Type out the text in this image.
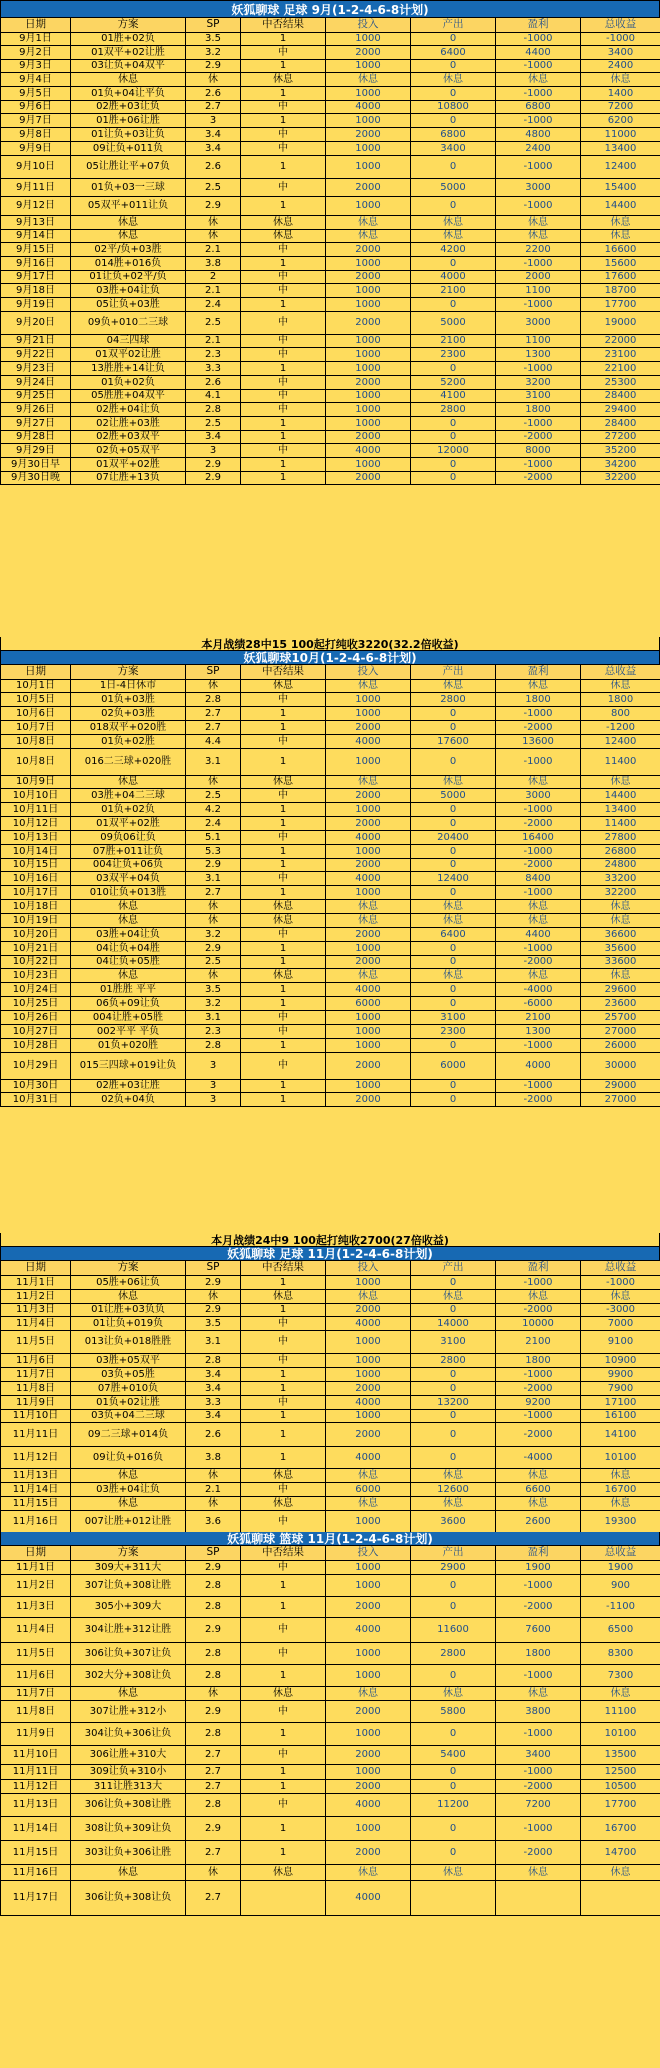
妖狐聊球 足球 9月(1-2-4-6-8计划)
日期	方案	SP	中否结果	投入	产出	盈利	总收益
9月1日	01胜+02负	3.5	1	1000	0	-1000	-1000
9月2日	01双平+02让胜	3.2	中	2000	6400	4400	3400
9月3日	03让负+04双平	2.9	1	1000	0	-1000	2400
9月4日	休息	休	休息	休息	休息	休息	休息
9月5日	01负+04让平负	2.6	1	1000	0	-1000	1400
9月6日	02胜+03让负	2.7	中	4000	10800	6800	7200
9月7日	01胜+06让胜	3	1	1000	0	-1000	6200
9月8日	01让负+03让负	3.4	中	2000	6800	4800	11000
9月9日	09让负+011负	3.4	中	1000	3400	2400	13400
9月10日	05让胜让平+07负	2.6	1	1000	0	-1000	12400
9月11日	01负+03一三球	2.5	中	2000	5000	3000	15400
9月12日	05双平+011让负	2.9	1	1000	0	-1000	14400
9月13日	休息	休	休息	休息	休息	休息	休息
9月14日	休息	休	休息	休息	休息	休息	休息
9月15日	02平/负+03胜	2.1	中	2000	4200	2200	16600
9月16日	014胜+016负	3.8	1	1000	0	-1000	15600
9月17日	01让负+02平/负	2	中	2000	4000	2000	17600
9月18日	03胜+04让负	2.1	中	1000	2100	1100	18700
9月19日	05让负+03胜	2.4	1	1000	0	-1000	17700
9月20日	09负+010二三球	2.5	中	2000	5000	3000	19000
9月21日	04三四球	2.1	中	1000	2100	1100	22000
9月22日	01双平02让胜	2.3	中	1000	2300	1300	23100
9月23日	13胜胜+14让负	3.3	1	1000	0	-1000	22100
9月24日	01负+02负	2.6	中	2000	5200	3200	25300
9月25日	05胜胜+04双平	4.1	中	1000	4100	3100	28400
9月26日	02胜+04让负	2.8	中	1000	2800	1800	29400
9月27日	02让胜+03胜	2.5	1	1000	0	-1000	28400
9月28日	02胜+03双平	3.4	1	2000	0	-2000	27200
9月29日	02负+05双平	3	中	4000	12000	8000	35200
9月30日早	01双平+02胜	2.9	1	1000	0	-1000	34200
9月30日晚	07让胜+13负	2.9	1	2000	0	-2000	32200
本月战绩28中15 100起打纯收3220(32.2倍收益)
妖狐聊球10月(1-2-4-6-8计划)
日期	方案	SP	中否结果	投入	产出	盈利	总收益
10月1日	1日-4日休市	休	休息	休息	休息	休息	休息
10月5日	01负+03胜	2.8	中	1000	2800	1800	1800
10月6日	02负+03胜	2.7	1	1000	0	-1000	800
10月7日	018双平+020胜	2.7	1	2000	0	-2000	-1200
10月8日	01负+02胜	4.4	中	4000	17600	13600	12400
10月8日	016二三球+020胜	3.1	1	1000	0	-1000	11400
10月9日	休息	休	休息	休息	休息	休息	休息
10月10日	03胜+04二三球	2.5	中	2000	5000	3000	14400
10月11日	01负+02负	4.2	1	1000	0	-1000	13400
10月12日	01双平+02胜	2.4	1	2000	0	-2000	11400
10月13日	09负06让负	5.1	中	4000	20400	16400	27800
10月14日	07胜+011让负	5.3	1	1000	0	-1000	26800
10月15日	004让负+06负	2.9	1	2000	0	-2000	24800
10月16日	03双平+04负	3.1	中	4000	12400	8400	33200
10月17日	010让负+013胜	2.7	1	1000	0	-1000	32200
10月18日	休息	休	休息	休息	休息	休息	休息
10月19日	休息	休	休息	休息	休息	休息	休息
10月20日	03胜+04让负	3.2	中	2000	6400	4400	36600
10月21日	04让负+04胜	2.9	1	1000	0	-1000	35600
10月22日	04让负+05胜	2.5	1	2000	0	-2000	33600
10月23日	休息	休	休息	休息	休息	休息	休息
10月24日	01胜胜 平平	3.5	1	4000	0	-4000	29600
10月25日	06负+09让负	3.2	1	6000	0	-6000	23600
10月26日	004让胜+05胜	3.1	中	1000	3100	2100	25700
10月27日	002平平 平负	2.3	中	1000	2300	1300	27000
10月28日	01负+020胜	2.8	1	1000	0	-1000	26000
10月29日	015三四球+019让负	3	中	2000	6000	4000	30000
10月30日	02胜+03让胜	3	1	1000	0	-1000	29000
10月31日	02负+04负	3	1	2000	0	-2000	27000
本月战绩24中9 100起打纯收2700(27倍收益)
妖狐聊球 足球 11月(1-2-4-6-8计划)
日期	方案	SP	中否结果	投入	产出	盈利	总收益
11月1日	05胜+06让负	2.9	1	1000	0	-1000	-1000
11月2日	休息	休	休息	休息	休息	休息	休息
11月3日	01让胜+03负负	2.9	1	2000	0	-2000	-3000
11月4日	01让负+019负	3.5	中	4000	14000	10000	7000
11月5日	013让负+018胜胜	3.1	中	1000	3100	2100	9100
11月6日	03胜+05双平	2.8	中	1000	2800	1800	10900
11月7日	03负+05胜	3.4	1	1000	0	-1000	9900
11月8日	07胜+010负	3.4	1	2000	0	-2000	7900
11月9日	01负+02让胜	3.3	中	4000	13200	9200	17100
11月10日	03负+04二三球	3.4	1	1000	0	-1000	16100
11月11日	09二三球+014负	2.6	1	2000	0	-2000	14100
11月12日	09让负+016负	3.8	1	4000	0	-4000	10100
11月13日	休息	休	休息	休息	休息	休息	休息
11月14日	03胜+04让负	2.1	中	6000	12600	6600	16700
11月15日	休息	休	休息	休息	休息	休息	休息
11月16日	007让胜+012让胜	3.6	中	1000	3600	2600	19300
妖狐聊球 篮球 11月(1-2-4-6-8计划)
日期	方案	SP	中否结果	投入	产出	盈利	总收益
11月1日	309大+311大	2.9	中	1000	2900	1900	1900
11月2日	307让负+308让胜	2.8	1	1000	0	-1000	900
11月3日	305小+309大	2.8	1	2000	0	-2000	-1100
11月4日	304让胜+312让胜	2.9	中	4000	11600	7600	6500
11月5日	306让负+307让负	2.8	中	1000	2800	1800	8300
11月6日	302大分+308让负	2.8	1	1000	0	-1000	7300
11月7日	休息	休	休息	休息	休息	休息	休息
11月8日	307让胜+312小	2.9	中	2000	5800	3800	11100
11月9日	304让负+306让负	2.8	1	1000	0	-1000	10100
11月10日	306让胜+310大	2.7	中	2000	5400	3400	13500
11月11日	309让负+310小	2.7	1	1000	0	-1000	12500
11月12日	311让胜313大	2.7	1	2000	0	-2000	10500
11月13日	306让负+308让胜	2.8	中	4000	11200	7200	17700
11月14日	308让负+309让负	2.9	1	1000	0	-1000	16700
11月15日	303让负+306让胜	2.7	1	2000	0	-2000	14700
11月16日	休息	休	休息	休息	休息	休息	休息
11月17日	306让负+308让负	2.7		4000			
